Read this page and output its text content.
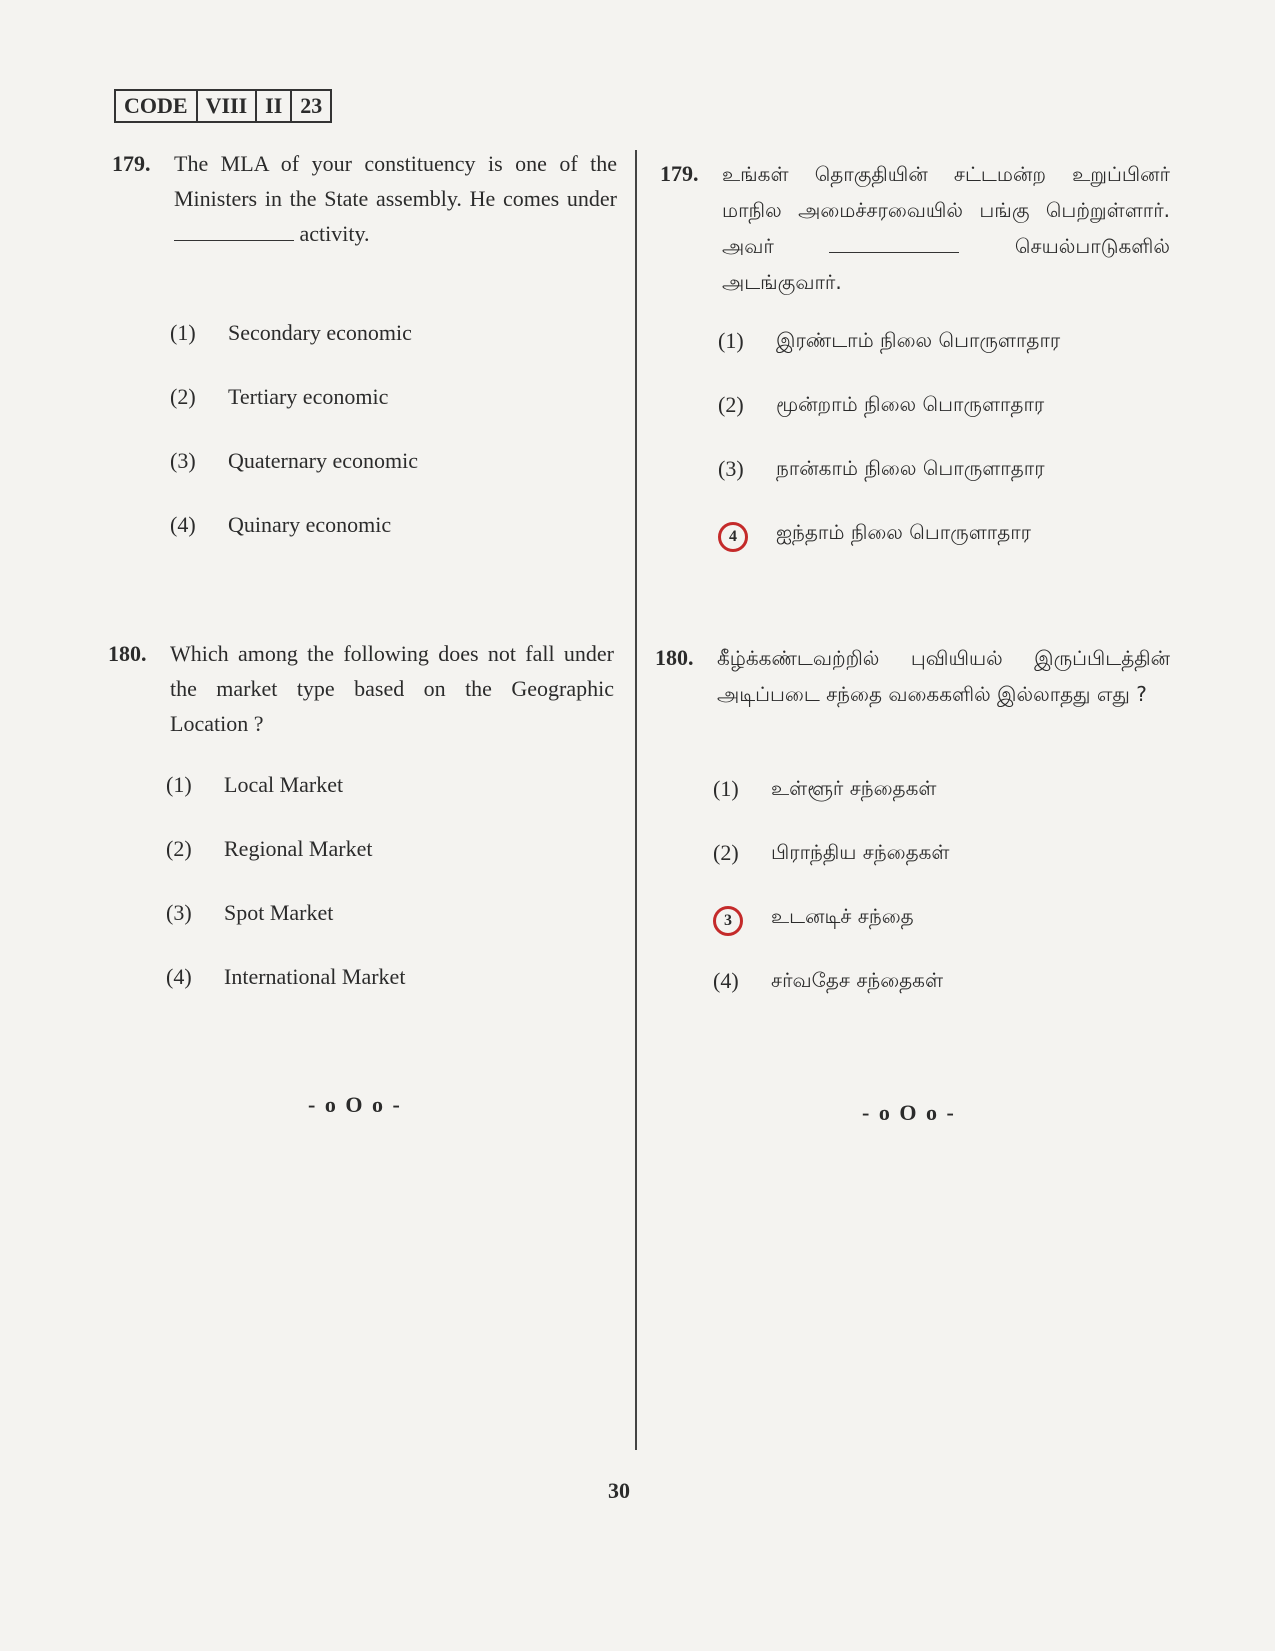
CODE VIII II 23
179. The MLA of your constituency is one of the Ministers in the State assembly. He comes under  activity.
(1) Secondary economic
(2) Tertiary economic
(3) Quaternary economic
(4) Quinary economic
180. Which among the following does not fall under the market type based on the Geographic Location ?
(1) Local Market
(2) Regional Market
(3) Spot Market
(4) International Market
- o O o -
179. உங்கள் தொகுதியின் சட்டமன்ற உறுப்பினர் மாநில அமைச்சரவையில் பங்கு பெற்றுள்ளார். அவர்	செயல்பாடுகளில் அடங்குவார்.
(1) இரண்டாம் நிலை பொருளாதார
(2) மூன்றாம் நிலை பொருளாதார
(3) நான்காம் நிலை பொருளாதார
4	ஐந்தாம் நிலை பொருளாதார
180. கீழ்க்கண்டவற்றில் புவியியல் இருப்பிடத்தின் அடிப்படை சந்தை வகைகளில் இல்லாதது எது ?
(1) உள்ளூர் சந்தைகள்
(2) பிராந்திய சந்தைகள்
3	உடனடிச் சந்தை
(4) சர்வதேச சந்தைகள்
- o O o -
30
